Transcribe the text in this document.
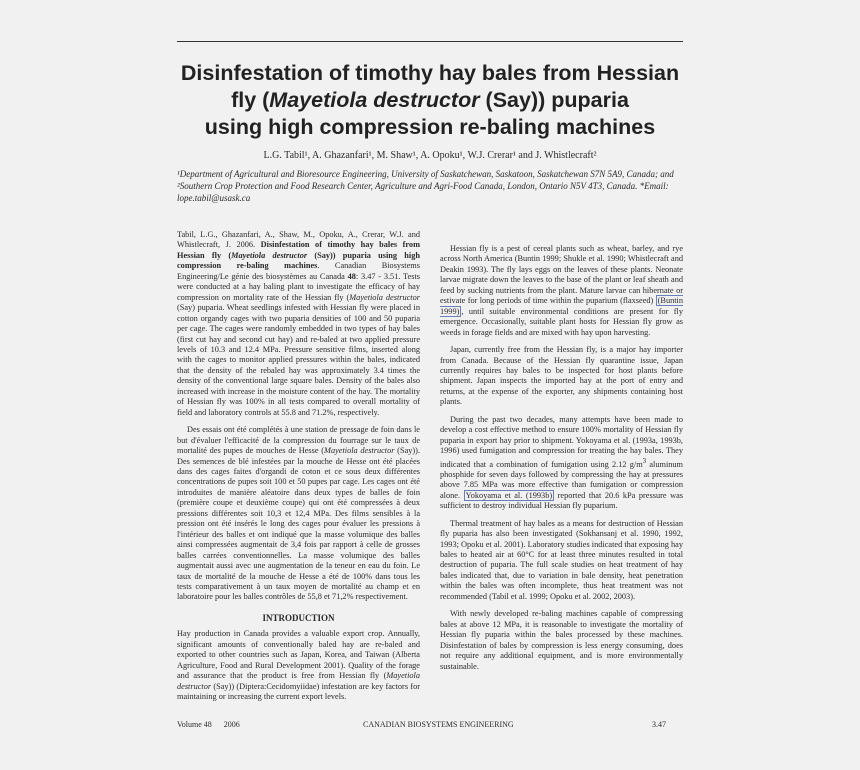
Disinfestation of timothy hay bales from Hessian
fly (Mayetiola destructor (Say)) puparia
using high compression re-baling machines

L.G. Tabil¹, A. Ghazanfari¹, M. Shaw¹, A. Opoku¹, W.J. Crerar¹ and J. Whistlecraft²

¹Department of Agricultural and Bioresource Engineering, University of Saskatchewan, Saskatoon, Saskatchewan S7N 5A9, Canada; and ²Southern Crop Protection and Food Research Center, Agriculture and Agri-Food Canada, London, Ontario N5V 4T3, Canada. *Email: lope.tabil@usask.ca

Tabil, L.G., Ghazanfari, A., Shaw, M., Opoku, A., Crerar, W.J. and Whistlecraft, J. 2006. Disinfestation of timothy hay bales from Hessian fly (Mayetiola destructor (Say)) puparia using high compression re-baling machines. Canadian Biosystems Engineering/Le génie des biosystèmes au Canada 48: 3.47 - 3.51. Tests were conducted at a hay baling plant to investigate the efficacy of hay compression on mortality rate of the Hessian fly (Mayetiola destructor (Say) puparia. Wheat seedlings infested with Hessian fly were placed in cotton organdy cages with two puparia densities of 100 and 50 puparia per cage. The cages were randomly embedded in two types of hay bales (first cut hay and second cut hay) and re-baled at two applied pressure levels of 10.3 and 12.4 MPa. Pressure sensitive films, inserted along with the cages to monitor applied pressures within the bales, indicated that the density of the rebaled hay was approximately 3.4 times the density of the conventional large square bales. Density of the bales also increased with increase in the moisture content of the hay. The mortality of Hessian fly was 100% in all tests compared to overall mortality of field and laboratory controls at 55.8 and 71.2%, respectively.

Des essais ont été complétés à une station de pressage de foin dans le but d'évaluer l'efficacité de la compression du fourrage sur le taux de mortalité des pupes de mouches de Hesse (Mayetiola destructor (Say)). Des semences de blé infestées par la mouche de Hesse ont été placées dans des cages faites d'organdi de coton et ce sous deux différentes concentrations de pupes soit 100 et 50 pupes par cage. Les cages ont été introduites de manière aléatoire dans deux types de balles de foin (première coupe et deuxième coupe) qui ont été compressées à deux pressions différentes soit 10,3 et 12,4 MPa. Des films sensibles à la pression ont été insérés le long des cages pour évaluer les pressions à l'intérieur des balles et ont indiqué que la masse volumique des balles ainsi compressées augmentait de 3,4 fois par rapport à celle de grosses balles carrées conventionnelles. La masse volumique des balles augmentait aussi avec une augmentation de la teneur en eau du foin. Le taux de mortalité de la mouche de Hesse a été de 100% dans tous les tests comparativement à un taux moyen de mortalité au champ et en laboratoire pour les balles contrôles de 55,8 et 71,2% respectivement.

INTRODUCTION

Hay production in Canada provides a valuable export crop. Annually, significant amounts of conventionally baled hay are re-baled and exported to other countries such as Japan, Korea, and Taiwan (Alberta Agriculture, Food and Rural Development 2001). Quality of the forage and assurance that the product is free from Hessian fly (Mayetiola destructor (Say)) (Diptera:Cecidomyiidae) infestation are key factors for maintaining or increasing the current export levels.

Hessian fly is a pest of cereal plants such as wheat, barley, and rye across North America (Buntin 1999; Shukle et al. 1990; Whistlecraft and Deakin 1993). The fly lays eggs on the leaves of these plants. Neonate larvae migrate down the leaves to the base of the plant or leaf sheath and feed by sucking nutrients from the plant. Mature larvae can hibernate or estivate for long periods of time within the puparium (flaxseed) (Buntin 1999) , until suitable environmental conditions are present for fly emergence. Occasionally, suitable plant hosts for Hessian fly grow as weeds in forage fields and are mixed with hay upon harvesting.

Japan, currently free from the Hessian fly, is a major hay importer from Canada. Because of the Hessian fly quarantine issue, Japan currently requires hay bales to be inspected for host plants before shipment. Japan inspects the imported hay at the port of entry and returns, at the expense of the exporter, any shipments containing host plants.

During the past two decades, many attempts have been made to develop a cost effective method to ensure 100% mortality of Hessian fly puparia in export hay prior to shipment. Yokoyama et al. (1993a, 1993b, 1996) used fumigation and compression for treating the hay bales. They indicated that a combination of fumigation using 2.12 $g/m^3$ aluminum phosphide for seven days followed by compressing the hay at pressures above 7.85 MPa was more effective than fumigation or compression alone. Yokoyama et al. (1993b) reported that 20.6 kPa pressure was sufficient to destroy individual Hessian fly puparium.

Thermal treatment of hay bales as a means for destruction of Hessian fly puparia has also been investigated (Sokhansanj et al. 1990, 1992, 1993; Opoku et al. 2001). Laboratory studies indicated that exposing hay bales to heated air at 60°C for at least three minutes resulted in total destruction of puparia. The full scale studies on heat treatment of hay bales indicated that, due to variation in bale density, heat penetration within the bales was often incomplete, thus heat treatment was not recommended (Tabil et al. 1999; Opoku et al. 2002, 2003).

With newly developed re-baling machines capable of compressing bales at above 12 MPa, it is reasonable to investigate the mortality of Hessian fly puparia within the bales processed by these machines. Disinfestation of bales by compression is less energy consuming, does not require any additional equipment, and is more environmentally sustainable.

Volume 48      2006	CANADIAN BIOSYSTEMS ENGINEERING	3.47
